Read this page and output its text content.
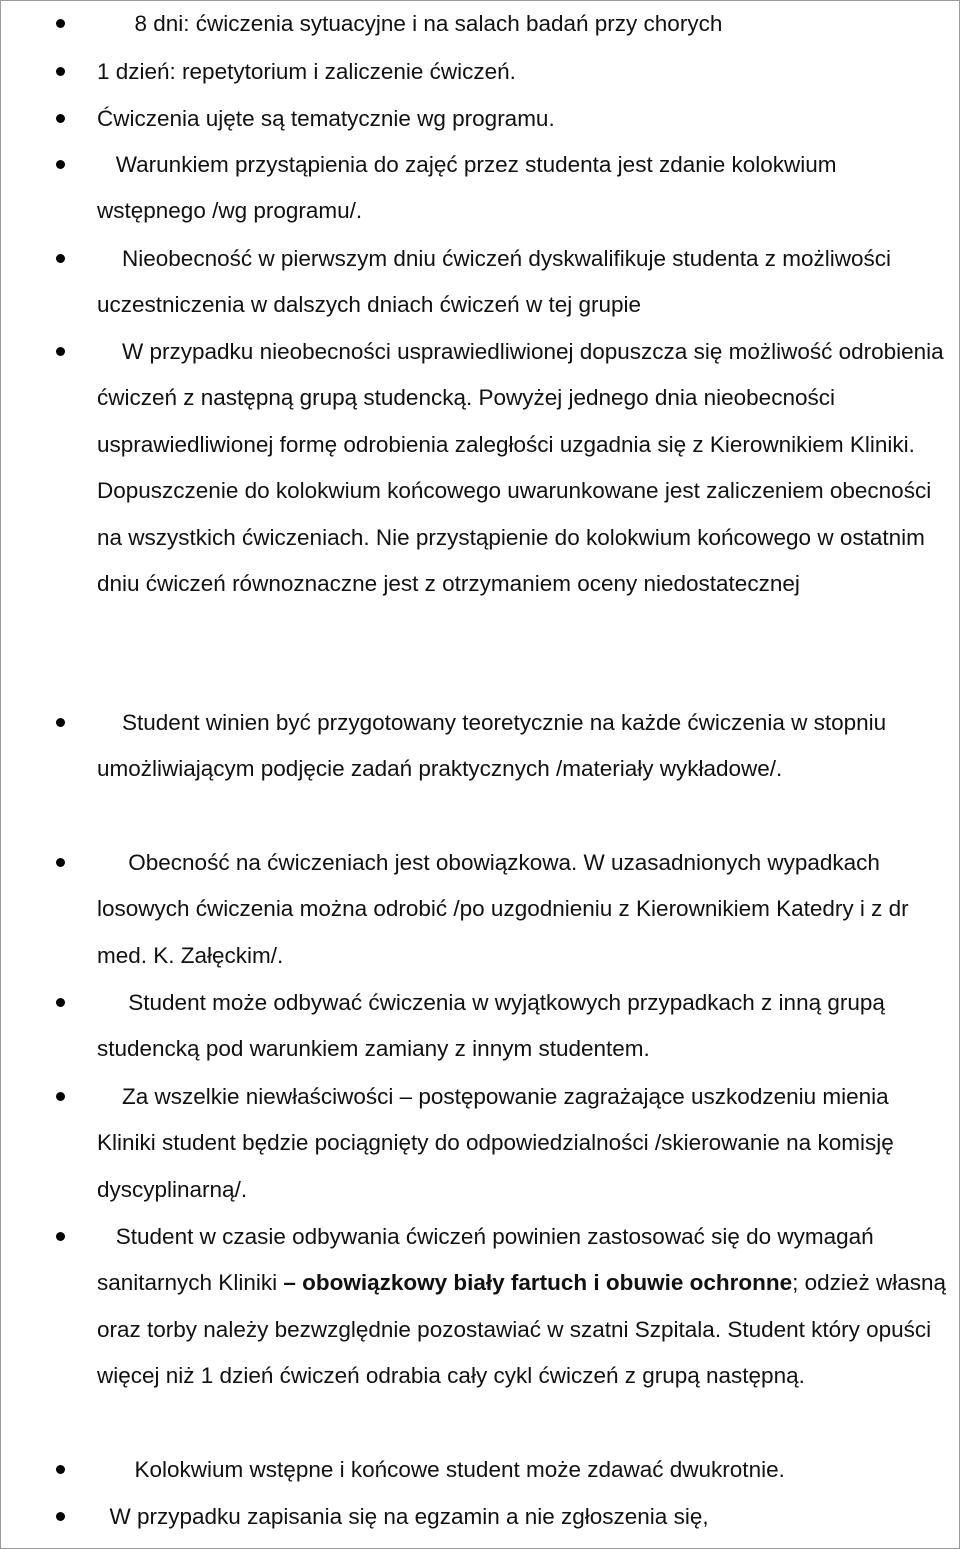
8 dni: ćwiczenia sytuacyjne i na salach badań przy chorych
1 dzień: repetytorium i zaliczenie ćwiczeń.
Ćwiczenia ujęte są tematycznie wg programu.
Warunkiem przystąpienia do zajęć przez studenta jest zdanie kolokwium wstępnego /wg programu/.
Nieobecność w pierwszym dniu ćwiczeń dyskwalifikuje studenta z możliwości uczestniczenia w dalszych dniach ćwiczeń w tej grupie
W przypadku nieobecności usprawiedliwionej dopuszcza się możliwość odrobienia ćwiczeń z następną grupą studencką. Powyżej jednego dnia nieobecności usprawiedliwionej formę odrobienia zaległości uzgadnia się z Kierownikiem Kliniki. Dopuszczenie do kolokwium końcowego uwarunkowane jest zaliczeniem obecności na wszystkich ćwiczeniach. Nie przystąpienie do kolokwium końcowego w ostatnim dniu ćwiczeń równoznaczne jest z otrzymaniem oceny niedostatecznej
Student winien być przygotowany teoretycznie na każde ćwiczenia w stopniu umożliwiającym podjęcie zadań praktycznych /materiały wykładowe/.
Obecność na ćwiczeniach jest obowiązkowa. W uzasadnionych wypadkach losowych ćwiczenia można odrobić /po uzgodnieniu z Kierownikiem Katedry i z dr med. K. Załęckim/.
Student może odbywać ćwiczenia w wyjątkowych przypadkach z inną grupą studencką pod warunkiem zamiany z innym studentem.
Za wszelkie niewłaściwości – postępowanie zagrażające uszkodzeniu mienia Kliniki student będzie pociągnięty do odpowiedzialności /skierowanie na komisję dyscyplinarną/.
Student w czasie odbywania ćwiczeń powinien zastosować się do wymagań sanitarnych Kliniki – obowiązkowy biały fartuch i obuwie ochronne; odzież własną oraz torby należy bezwzględnie pozostawiać w szatni Szpitala. Student który opuści więcej niż 1 dzień ćwiczeń odrabia cały cykl ćwiczeń z grupą następną.
Kolokwium wstępne i końcowe student może zdawać dwukrotnie.
W przypadku zapisania się na egzamin a nie zgłoszenia się,
